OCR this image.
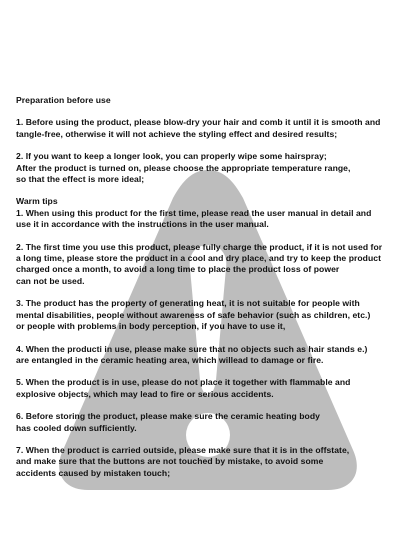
Preparation before use
1. Before using the product, please blow-dry your hair and comb it until it is smooth and
tangle-free, otherwise it will not achieve the styling effect and desired results;
2. If you want to keep a longer look, you can properly wipe some hairspray;
After the product is turned on, please choose the appropriate temperature range,
so that the effect is more ideal;
Warm tips
1. When using this product for the first time, please read the user manual in detail and
use it in accordance with the instructions in the user manual.
2. The first time you use this product, please fully charge the product, if it is not used for
a long time, please store the product in a cool and dry place, and try to keep the product
charged once a month, to avoid a long time to place the product loss of power
can not be used.
3. The product has the property of generating heat, it is not suitable for people with
mental disabilities, people without awareness of safe behavior (such as children, etc.)
or people with problems in body perception, if you have to use it,
4. When the producti in use, please make sure that no objects such as hair stands e.)
are entangled in the ceramic heating area, which willead to damage or fire.
5. When the product is in use, please do not place it together with flammable and
explosive objects, which may lead to fire or serious accidents.
6. Before storing the product, please make sure the ceramic heating body
has cooled down sufficiently.
7. When the product is carried outside, please make sure that it is in the offstate,
and make sure that the buttons are not touched by mistake, to avoid some
accidents caused by mistaken touch;
